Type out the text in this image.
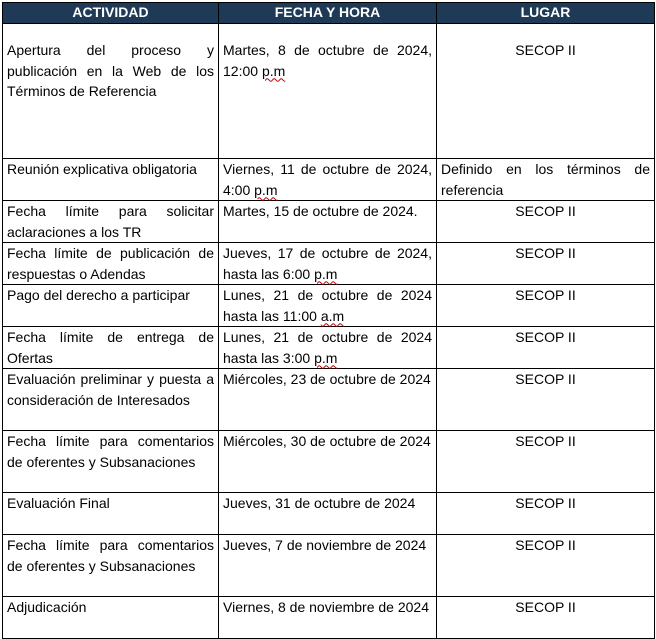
ACTIVIDAD	FECHA Y HORA	LUGAR
Apertura del proceso y publicación en la Web de los Términos de Referencia	Martes, 8 de octubre de 2024, 12:00 p.m	SECOP II
Reunión explicativa obligatoria	Viernes, 11 de octubre de 2024, 4:00 p.m	Definido en los términos de referencia
Fecha límite para solicitar aclaraciones a los TR	Martes, 15 de octubre de 2024.	SECOP II
Fecha límite de publicación de respuestas o Adendas	Jueves, 17 de octubre de 2024, hasta las 6:00 p.m	SECOP II
Pago del derecho a participar	Lunes, 21 de octubre de 2024 hasta las 11:00 a.m	SECOP II
Fecha límite de entrega de Ofertas	Lunes, 21 de octubre de 2024 hasta las 3:00 p.m	SECOP II
Evaluación preliminar y puesta a consideración de Interesados	Miércoles, 23 de octubre de 2024	SECOP II
Fecha límite para comentarios de oferentes y Subsanaciones	Miércoles, 30 de octubre de 2024	SECOP II
Evaluación Final	Jueves, 31 de octubre de 2024	SECOP II
Fecha límite para comentarios de oferentes y Subsanaciones	Jueves, 7 de noviembre de 2024	SECOP II
Adjudicación	Viernes, 8 de noviembre de 2024	SECOP II
